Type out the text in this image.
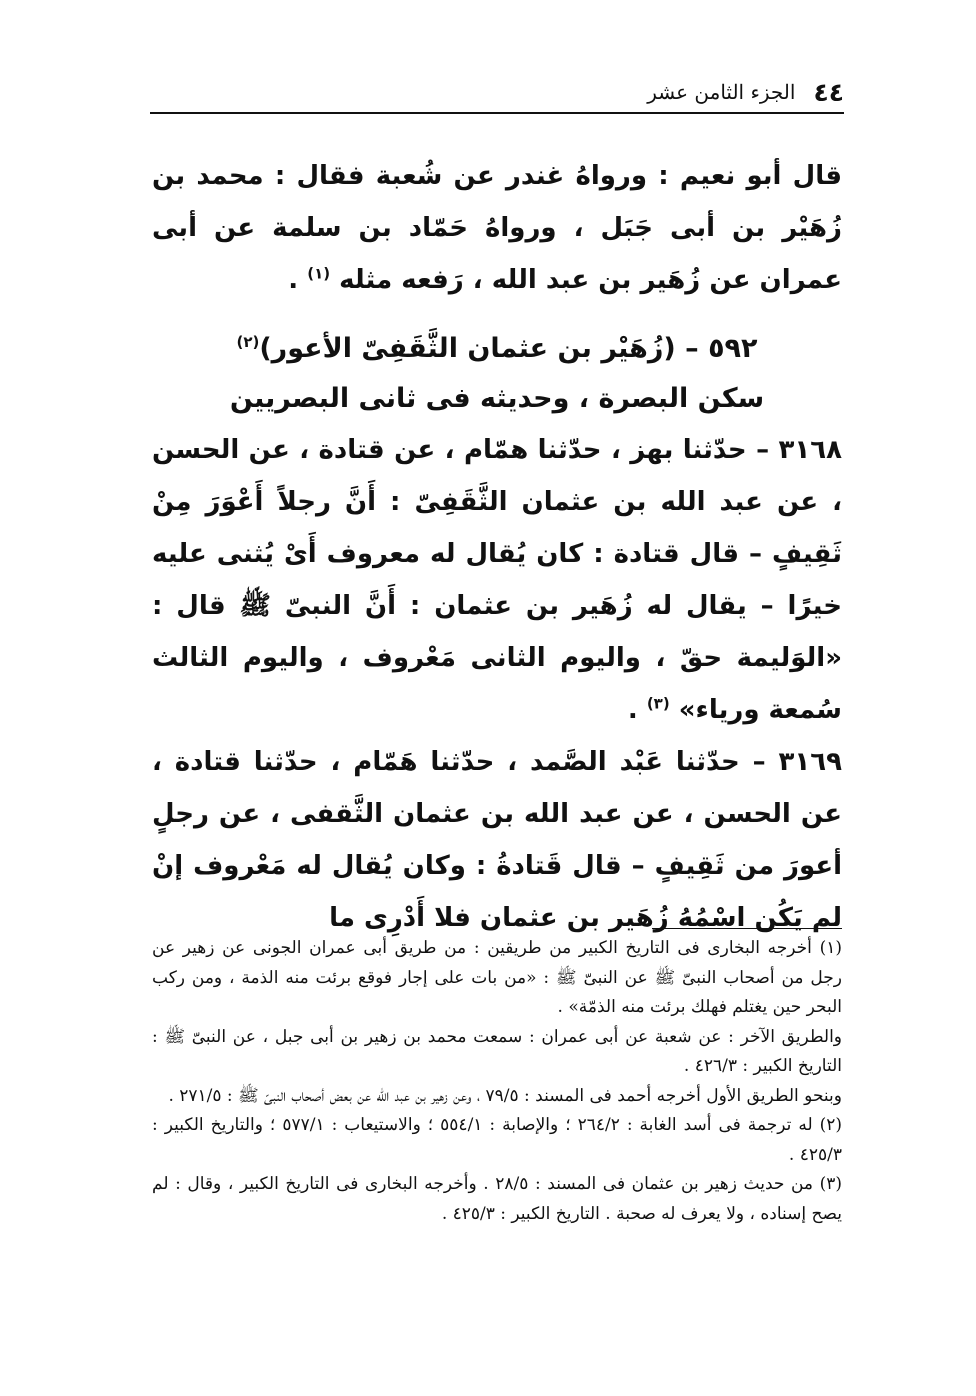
٤٤
الجزء الثامن عشر

قال أبو نعيم : ورواهُ غندر عن شُعبة فقال : محمد بن زُهَيْر بن أبى جَبَل ، ورواهُ حَمّاد بن سلمة عن أبى عمران عن زُهَير بن عبد الله ، رَفعه مثله $^{(١)}$ .

٥٩٢ – (زُهَيْر بن عثمان الثَّقَفِىّ الأعور)$^{(٢)}$

سكن البصرة ، وحديثه فى ثانى البصريين

٣١٦٨ – حدّثنا بهز ، حدّثنا همّام ، عن قتادة ، عن الحسن ، عن عبد الله بن عثمان الثَّقَفِىّ : أَنَّ رجلاً أَعْوَرَ مِنْ ثَقِيفٍ – قال قتادة : كان يُقال له معروف أَىْ يُثنى عليه خيرًا – يقال له زُهَير بن عثمان : أَنَّ النبىّ ﷺ قال : «الوَليمة حقّ ، واليوم الثانى مَعْروف ، واليوم الثالث سُمعة ورياء» $^{(٣)}$ .

٣١٦٩ – حدّثنا عَبْد الصَّمد ، حدّثنا هَمّام ، حدّثنا قتادة ، عن الحسن ، عن عبد الله بن عثمان الثَّقفى ، عن رجلٍ أعورَ من ثَقِيفٍ – قال قَتادةُ : وكان يُقال له مَعْروف إنْ لم يَكُن اسْمُهُ زُهَير بن عثمان فلا أَدْرِى ما

(١) أخرجه البخارى فى التاريخ الكبير من طريقين : من طريق أبى عمران الجونى عن زهير عن رجل من أصحاب النبىّ ﷺ عن النبىّ ﷺ : «من بات على إجار فوقع برئت منه الذمة ، ومن ركب البحر حين يغتلم فهلك برئت منه الذمّة» .

والطريق الآخر : عن شعبة عن أبى عمران : سمعت محمد بن زهير بن أبى جبل ، عن النبىّ ﷺ : التاريخ الكبير : ٤٢٦/٣ .

وبنحو الطريق الأول أخرجه أحمد فى المسند : ٧٩/٥ ، وعن زهير بن عبد الله عن بعض أصحاب النبىّ ﷺ : ٢٧١/٥ .

(٢) له ترجمة فى أسد الغابة : ٢٦٤/٢ ؛ والإصابة : ٥٥٤/١ ؛ والاستيعاب : ٥٧٧/١ ؛ والتاريخ الكبير : ٤٢٥/٣ .

(٣) من حديث زهير بن عثمان فى المسند : ٢٨/٥ . وأخرجه البخارى فى التاريخ الكبير ، وقال : لم يصح إسناده ، ولا يعرف له صحبة . التاريخ الكبير : ٤٢٥/٣ .
